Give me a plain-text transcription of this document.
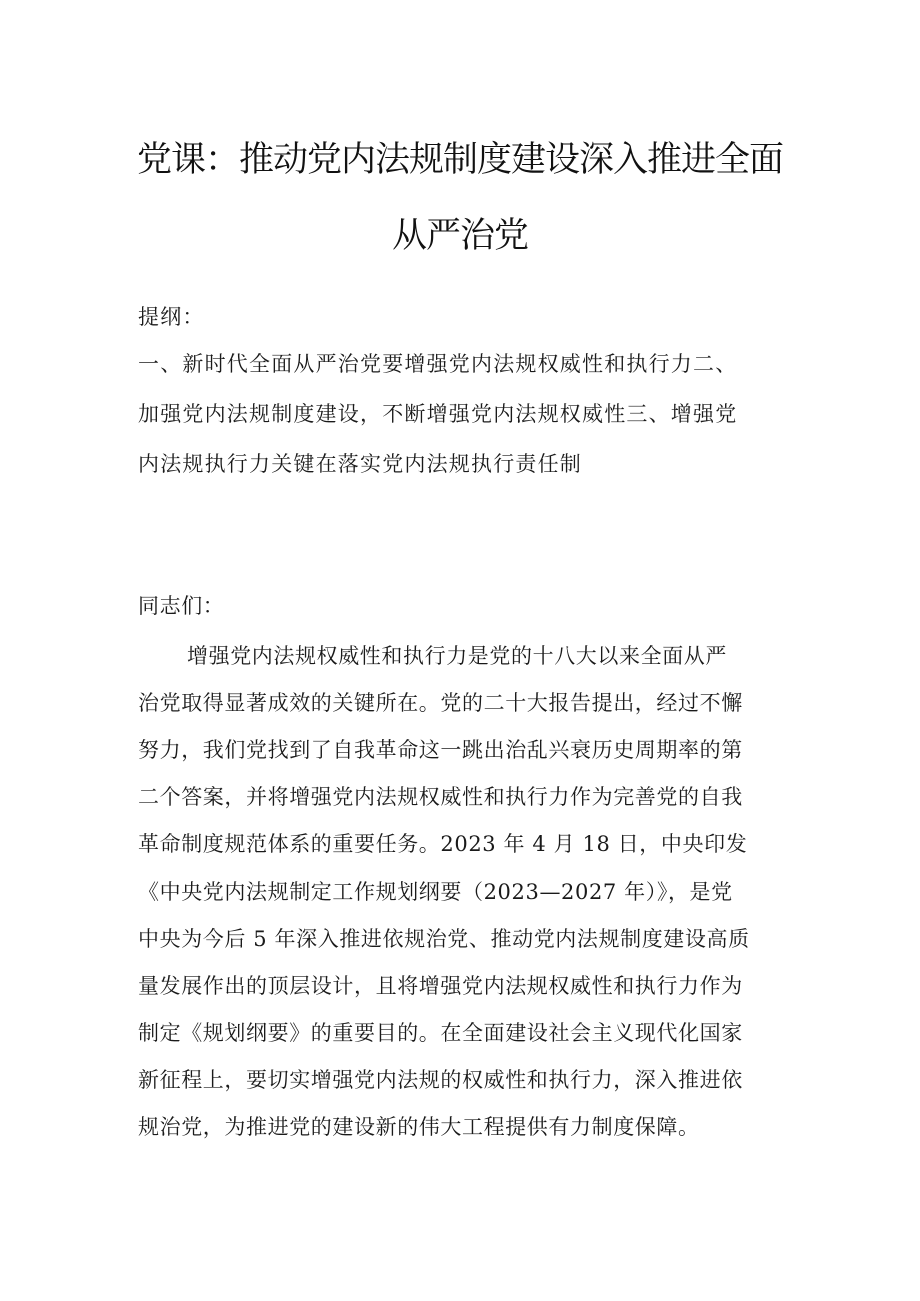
党课：推动党内法规制度建设深入推进全面
从严治党
提纲：
一、新时代全面从严治党要增强党内法规权威性和执行力二、
加强党内法规制度建设，不断增强党内法规权威性三、增强党
内法规执行力关键在落实党内法规执行责任制
同志们：
增强党内法规权威性和执行力是党的十八大以来全面从严
治党取得显著成效的关键所在。党的二十大报告提出，经过不懈
努力，我们党找到了自我革命这一跳出治乱兴衰历史周期率的第
二个答案，并将增强党内法规权威性和执行力作为完善党的自我
革命制度规范体系的重要任务。2023 年 4 月 18 日，中央印发
《中央党内法规制定工作规划纲要（2023—2027 年）》，是党
中央为今后 5 年深入推进依规治党、推动党内法规制度建设高质
量发展作出的顶层设计，且将增强党内法规权威性和执行力作为
制定《规划纲要》的重要目的。在全面建设社会主义现代化国家
新征程上，要切实增强党内法规的权威性和执行力，深入推进依
规治党，为推进党的建设新的伟大工程提供有力制度保障。
